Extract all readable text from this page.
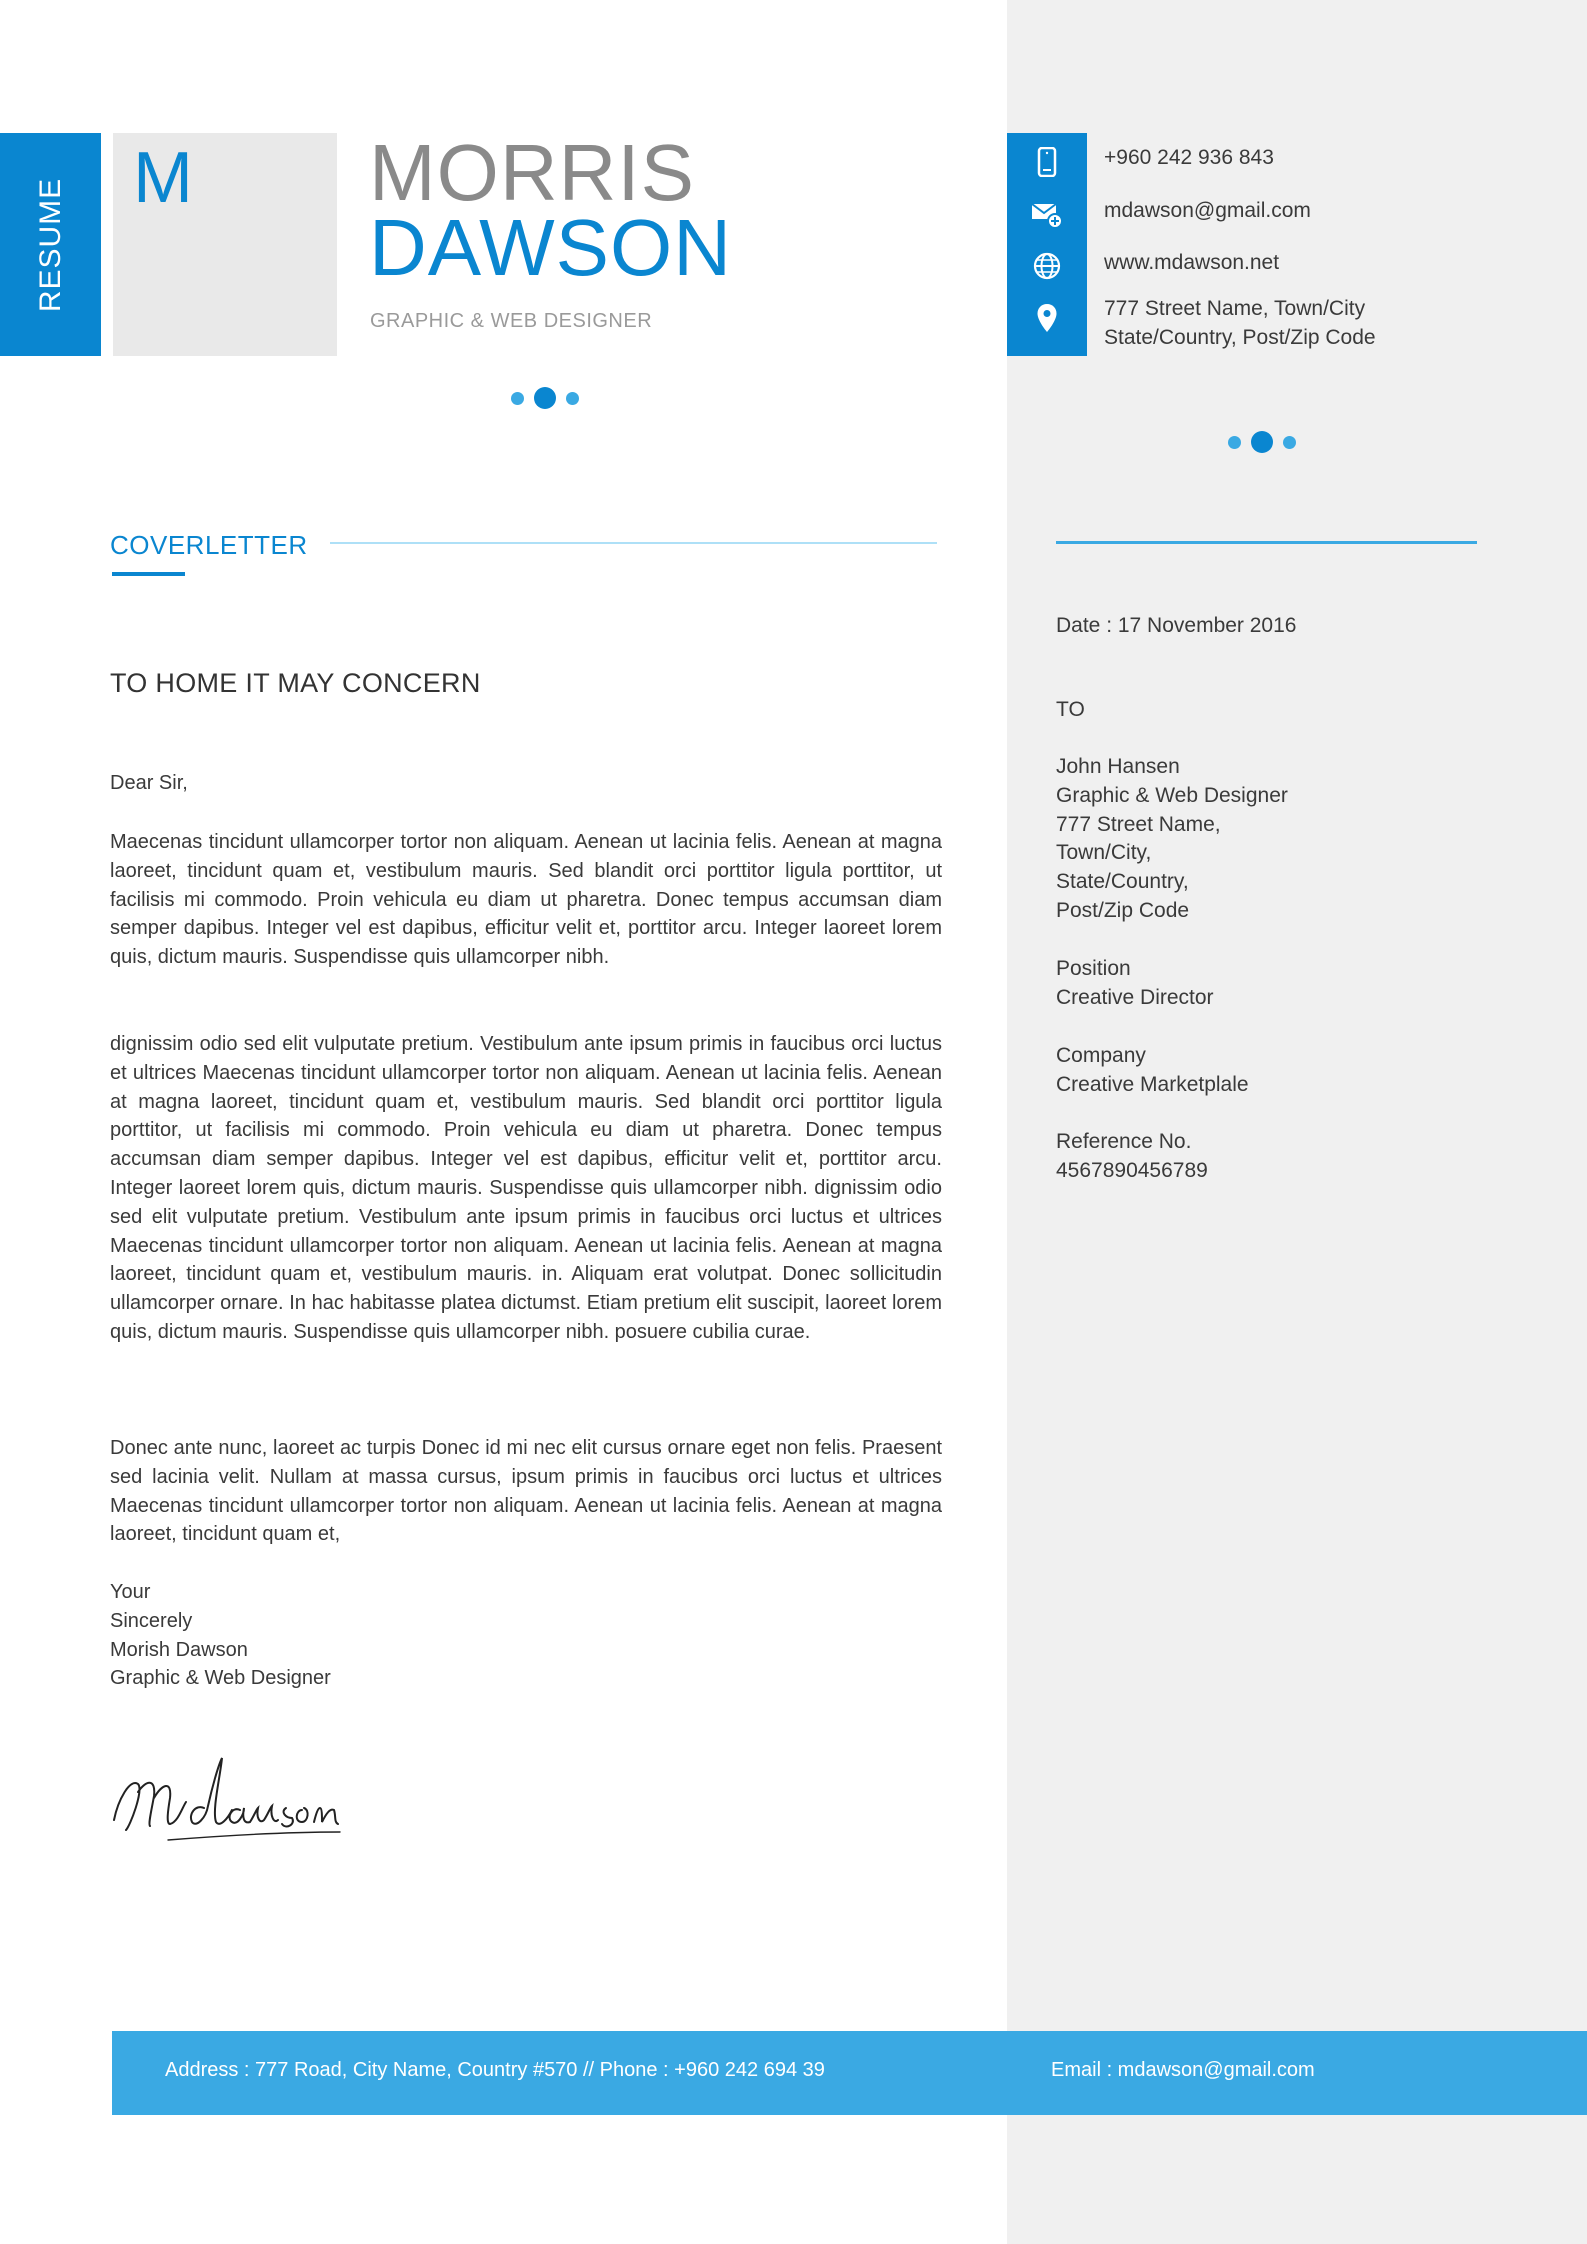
RESUME M MORRIS
DAWSON
GRAPHIC & WEB DESIGNER
+960 242 936 843
mdawson@gmail.com
www.mdawson.net
777 Street Name, Town/City
State/Country, Post/Zip Code
COVERLETTER
TO HOME IT MAY CONCERN
Dear Sir,

Maecenas tincidunt ullamcorper tortor non aliquam. Aenean ut lacinia felis. Aenean at magna laoreet, tincidunt quam et, vestibulum mauris. Sed blandit orci porttitor ligula porttitor, ut facilisis mi commodo. Proin vehicula eu diam ut pharetra. Donec tempus accumsan diam semper dapibus. Integer vel est dapibus, efficitur velit et, porttitor arcu. Integer laoreet lorem quis, dictum mauris. Suspendisse quis ullamcorper nibh.

dignissim odio sed elit vulputate pretium. Vestibulum ante ipsum primis in faucibus orci luctus et ultrices Maecenas tincidunt ullamcorper tortor non aliquam. Aenean ut lacinia felis. Aenean at magna laoreet, tincidunt quam et, vestibulum mauris. Sed blandit orci porttitor ligula porttitor, ut facilisis mi commodo. Proin vehicula eu diam ut pharetra. Donec tempus accumsan diam semper dapibus. Integer vel est dapibus, efficitur velit et, porttitor arcu. Integer laoreet lorem quis, dictum mauris. Suspendisse quis ullamcorper nibh. dignissim odio sed elit vulputate pretium. Vestibulum ante ipsum primis in faucibus orci luctus et ultrices Maecenas tincidunt ullamcorper tortor non aliquam. Aenean ut lacinia felis. Aenean at magna laoreet, tincidunt quam et, vestibulum mauris. in. Aliquam erat volutpat. Donec sollicitudin ullamcorper ornare. In hac habitasse platea dictumst. Etiam pretium elit suscipit, laoreet lorem quis, dictum mauris. Suspendisse quis ullamcorper nibh. posuere cubilia curae.

Donec ante nunc, laoreet ac turpis Donec id mi nec elit cursus ornare eget non felis. Praesent sed lacinia velit. Nullam at massa cursus, ipsum primis in faucibus orci luctus et ultrices Maecenas tincidunt ullamcorper tortor non aliquam. Aenean ut lacinia felis. Aenean at magna laoreet, tincidunt quam et,

Your
Sincerely
Morish Dawson
Graphic & Web Designer
Date : 17 November 2016
TO
John Hansen
Graphic & Web Designer
777 Street Name,
Town/City,
State/Country,
Post/Zip Code
Position
Creative Director
Company
Creative Marketplale
Reference No.
4567890456789
Address : 777 Road, City Name, Country #570 // Phone : +960 242 694 39	Email : mdawson@gmail.com
